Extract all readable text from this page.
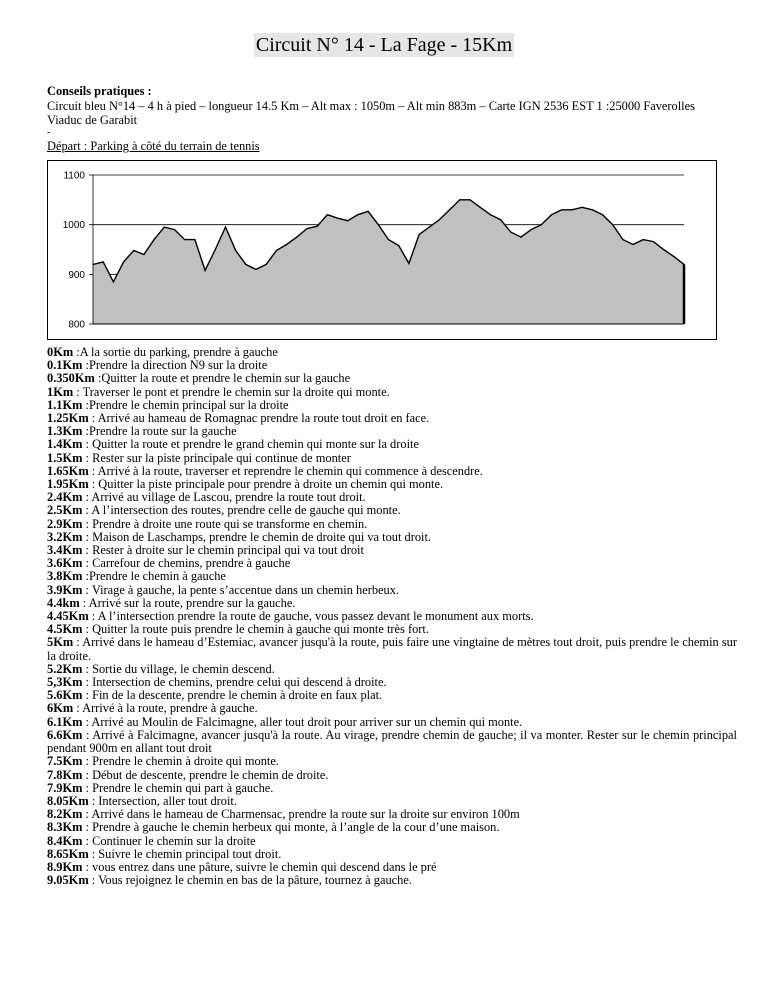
Circuit N° 14 - La Fage - 15Km
Conseils pratiques :
Circuit bleu N°14 – 4 h à pied – longueur 14.5 Km – Alt max : 1050m – Alt min 883m – Carte IGN 2536 EST 1 :25000 Faverolles
Viaduc de Garabit
-
Départ : Parking à côté du terrain de tennis
1100
1000
900
800
0Km :A la sortie du parking, prendre à gauche
0.1Km :Prendre la direction N9 sur la droite
0.350Km :Quitter la route et prendre le chemin sur la gauche
1Km : Traverser le pont et prendre le chemin sur la droite qui monte.
1.1Km :Prendre le chemin principal sur la droite
1.25Km : Arrivé au hameau de Romagnac prendre la route tout droit en face.
1.3Km :Prendre la route sur la gauche
1.4Km : Quitter la route et prendre le grand chemin qui monte sur la droite
1.5Km : Rester sur la piste principale qui continue de monter
1.65Km : Arrivé à la route, traverser et reprendre le chemin qui commence à descendre.
1.95Km : Quitter la piste principale pour prendre à droite un chemin qui monte.
2.4Km : Arrivé au village de Lascou, prendre la route tout droit.
2.5Km : A l’intersection des routes, prendre celle de gauche qui monte.
2.9Km : Prendre à droite une route qui se transforme en chemin.
3.2Km : Maison de Laschamps, prendre le chemin de droite qui va tout droit.
3.4Km : Rester à droite sur le chemin principal qui va tout droit
3.6Km : Carrefour de chemins, prendre à gauche
3.8Km :Prendre le chemin à gauche
3.9Km : Virage à gauche, la pente s’accentue dans un chemin herbeux.
4.4km : Arrivé sur la route, prendre sur la gauche.
4.45Km : A l’intersection prendre la route de gauche, vous passez devant le monument aux morts.
4.5Km : Quitter la route puis prendre le chemin à gauche qui monte très fort.
5Km : Arrivé dans le hameau d’Estemiac, avancer jusqu'à la route, puis faire une vingtaine de mètres tout droit, puis prendre le chemin sur la droite.
5.2Km : Sortie du village, le chemin descend.
5,3Km : Intersection de chemins, prendre celui qui descend à droite.
5.6Km : Fin de la descente, prendre le chemin à droite en faux plat.
6Km : Arrivé à la route, prendre à gauche.
6.1Km : Arrivé au Moulin de Falcimagne, aller tout droit pour arriver sur un chemin qui monte.
6.6Km : Arrivé à Falcimagne, avancer jusqu'à la route. Au virage, prendre chemin de gauche; il va monter. Rester sur le chemin principal pendant 900m en allant tout droit
7.5Km : Prendre le chemin à droite qui monte.
7.8Km : Début de descente, prendre le chemin de droite.
7.9Km : Prendre le chemin qui part à gauche.
8.05Km : Intersection, aller tout droit.
8.2Km : Arrivé dans le hameau de Charmensac, prendre la route sur la droite sur environ 100m
8.3Km : Prendre à gauche le chemin herbeux qui monte, à l’angle de la cour d’une maison.
8.4Km : Continuer le chemin sur la droite
8.65Km : Suivre le chemin principal tout droit.
8.9Km : vous entrez dans une pâture, suivre le chemin qui descend dans le pré
9.05Km : Vous rejoignez le chemin en bas de la pâture, tournez à gauche.
